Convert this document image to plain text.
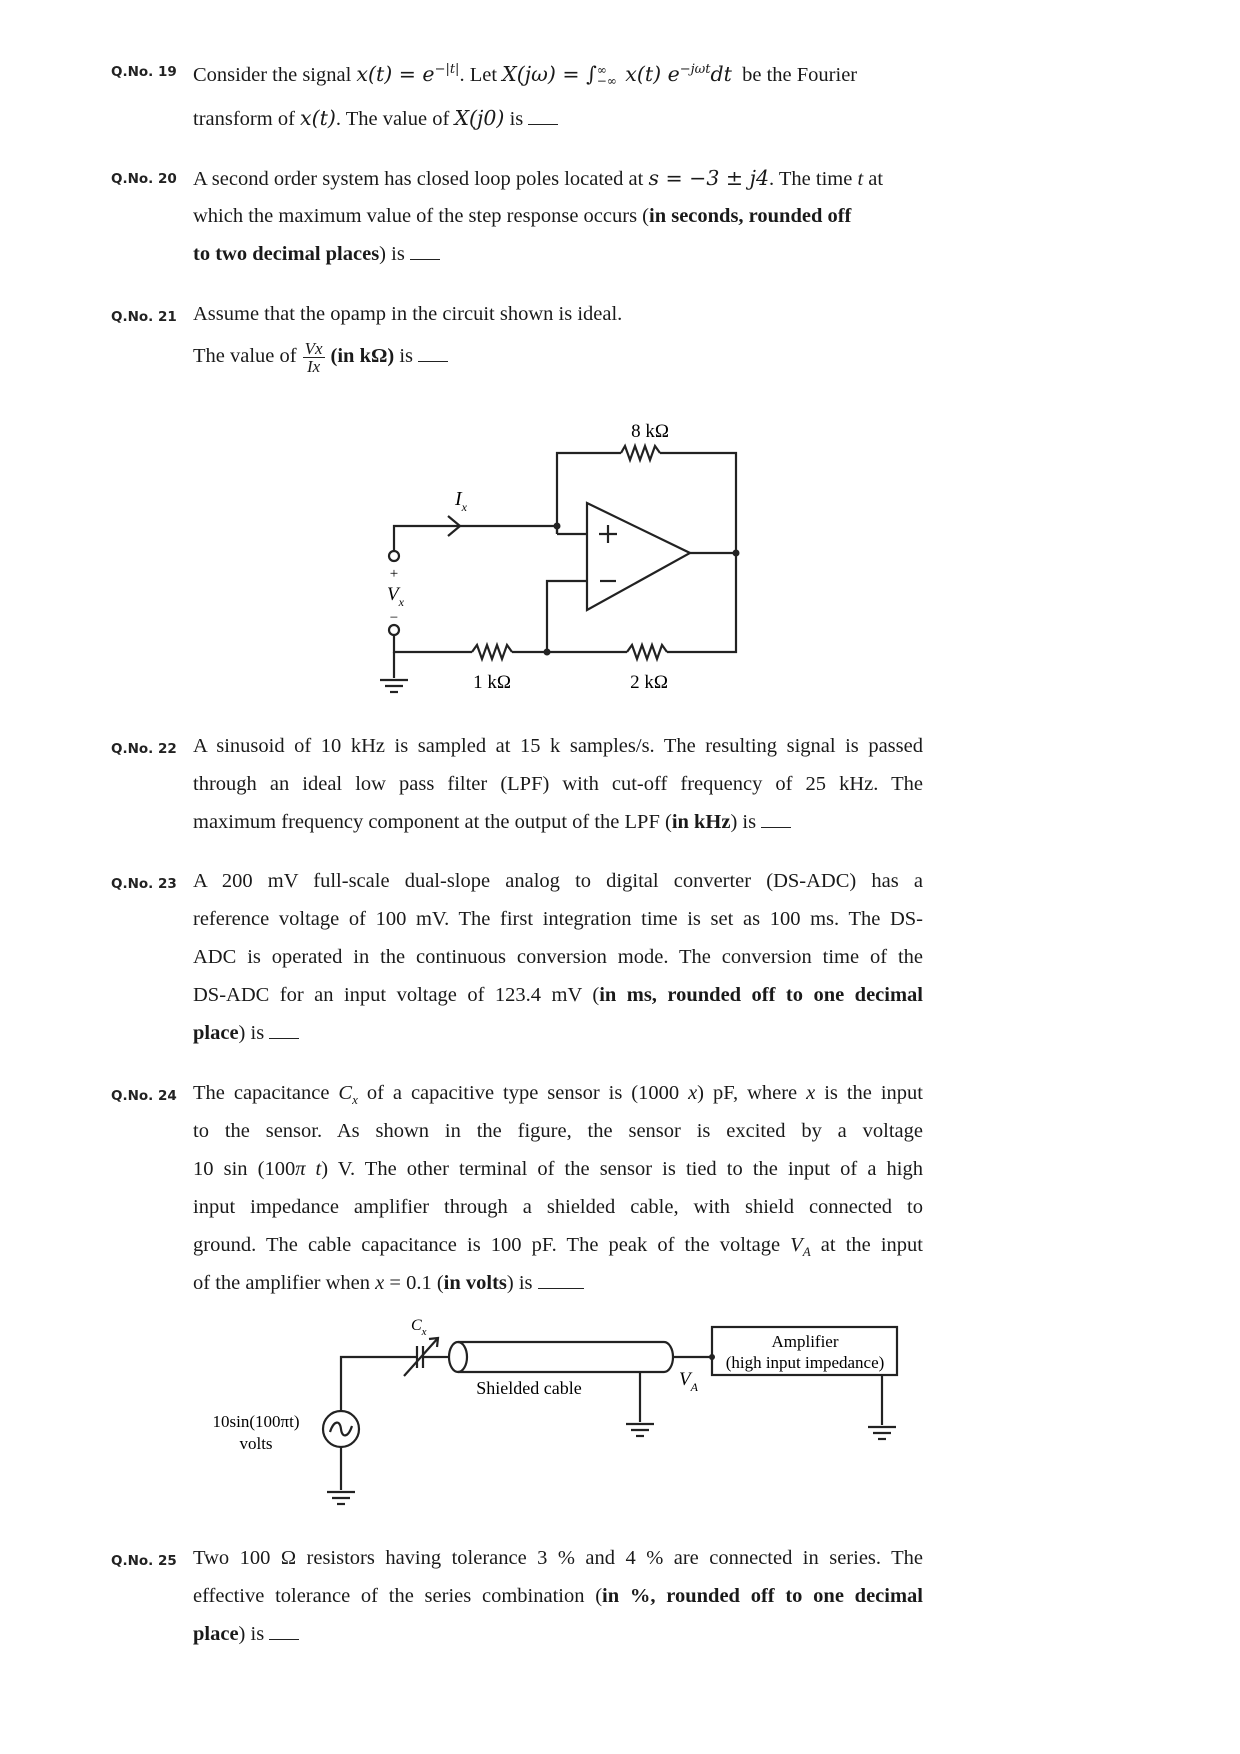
Q.No. 19 Consider the signal $x(t) = e^{-|t|}$. Let X(jω) = ∫ ∞
−∞ x(t) $e^{-j\omega t}dt$ be the Fourier
transform of x(t). The value of X(j0) is
Q.No. 20 A second order system has closed loop poles located at s = −3 ± j4. The time t at
which the maximum value of the step response occurs (in seconds, rounded off
to two decimal places) is
Q.No. 21 Assume that the opamp in the circuit shown is ideal.
The value of $\frac{Vx}{Ix} (in$ kΩ) is
8 kΩ
1 kΩ	2 kΩ
$I_x$
+
$V_x$
−
Q.No. 22 A sinusoid of 10 kHz is sampled at 15 k samples/s. The resulting signal is passed
through an ideal low pass filter (LPF) with cut-off frequency of 25 kHz. The
maximum frequency component at the output of the LPF (in kHz) is
Q.No. 23 A 200 mV full-scale dual-slope analog to digital converter (DS-ADC) has a
reference voltage of 100 mV. The first integration time is set as 100 ms. The DS-
ADC is operated in the continuous conversion mode. The conversion time of the
DS-ADC for an input voltage of 123.4 mV (in ms, rounded off to one decimal
place) is
Q.No. 24 The capacitance $C_x$ of a capacitive type sensor is (1000 x) pF, where x is the input
to the sensor. As shown in the figure, the sensor is excited by a voltage
10 sin (100π t) V. The other terminal of the sensor is tied to the input of a high
input impedance amplifier through a shielded cable, with shield connected to
ground. The cable capacitance is 100 pF. The peak of the voltage $V_A$ at the input
of the amplifier when x = 0.1 (in volts) is
$C_x$
Shielded cable	$V_A$
Amplifier
(high input impedance)
10sin(100πt)
volts
Q.No. 25 Two 100 Ω resistors having tolerance 3 % and 4 % are connected in series. The
effective tolerance of the series combination (in %, rounded off to one decimal
place) is
